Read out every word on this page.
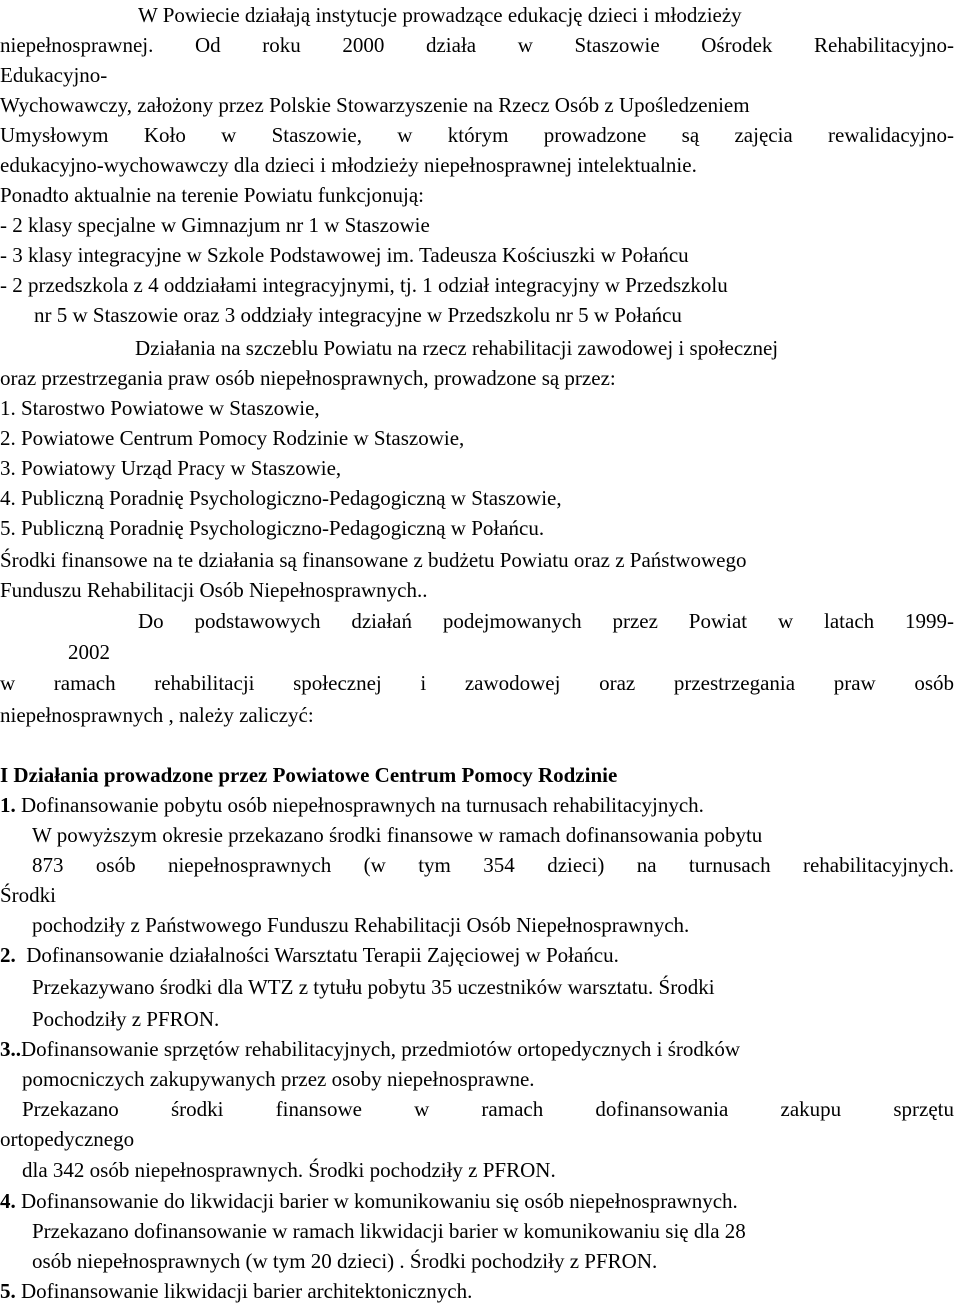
W Powiecie działają instytucje prowadzące edukację dzieci i młodzieży
niepełnosprawnej. Od roku 2000 działa w Staszowie Ośrodek Rehabilitacyjno-
Edukacyjno-
Wychowawczy, założony przez Polskie Stowarzyszenie na Rzecz Osób z Upośledzeniem
Umysłowym Koło w Staszowie, w którym prowadzone są zajęcia rewalidacyjno-
edukacyjno-wychowawczy dla dzieci i młodzieży niepełnosprawnej intelektualnie.
Ponadto aktualnie na terenie Powiatu funkcjonują:
- 2 klasy specjalne w Gimnazjum nr 1 w Staszowie
- 3 klasy integracyjne w Szkole Podstawowej im. Tadeusza Kościuszki w Połańcu
- 2 przedszkola z 4 oddziałami integracyjnymi, tj. 1 odział integracyjny w Przedszkolu
nr 5 w Staszowie oraz 3 oddziały integracyjne w Przedszkolu nr 5 w Połańcu
Działania na szczeblu Powiatu na rzecz rehabilitacji zawodowej i społecznej
oraz przestrzegania praw osób niepełnosprawnych, prowadzone są przez:
1. Starostwo Powiatowe w Staszowie,
2. Powiatowe Centrum Pomocy Rodzinie w Staszowie,
3. Powiatowy Urząd Pracy w Staszowie,
4. Publiczną Poradnię Psychologiczno-Pedagogiczną w Staszowie,
5. Publiczną Poradnię Psychologiczno-Pedagogiczną w Połańcu.
Środki finansowe na te działania są finansowane z budżetu Powiatu oraz z Państwowego
Funduszu Rehabilitacji Osób Niepełnosprawnych..
Do podstawowych działań podejmowanych przez Powiat w latach 1999-
2002
w ramach rehabilitacji społecznej i zawodowej oraz przestrzegania praw osób
niepełnosprawnych , należy zaliczyć:
I Działania prowadzone przez Powiatowe Centrum Pomocy Rodzinie
1. Dofinansowanie pobytu osób niepełnosprawnych na turnusach rehabilitacyjnych.
W powyższym okresie przekazano środki finansowe w ramach dofinansowania pobytu
873 osób niepełnosprawnych (w tym 354 dzieci) na turnusach rehabilitacyjnych.
Środki
pochodziły z Państwowego Funduszu Rehabilitacji Osób Niepełnosprawnych.
2. Dofinansowanie działalności Warsztatu Terapii Zajęciowej w Połańcu.
Przekazywano środki dla WTZ z tytułu pobytu 35 uczestników warsztatu. Środki
Pochodziły z PFRON.
3..Dofinansowanie sprzętów rehabilitacyjnych, przedmiotów ortopedycznych i środków
pomocniczych zakupywanych przez osoby niepełnosprawne.
Przekazano środki finansowe w ramach dofinansowania zakupu sprzętu
ortopedycznego
dla 342 osób niepełnosprawnych. Środki pochodziły z PFRON.
4. Dofinansowanie do likwidacji barier w komunikowaniu się osób niepełnosprawnych.
Przekazano dofinansowanie w ramach likwidacji barier w komunikowaniu się dla 28
osób niepełnosprawnych (w tym 20 dzieci) . Środki pochodziły z PFRON.
5. Dofinansowanie likwidacji barier architektonicznych.
